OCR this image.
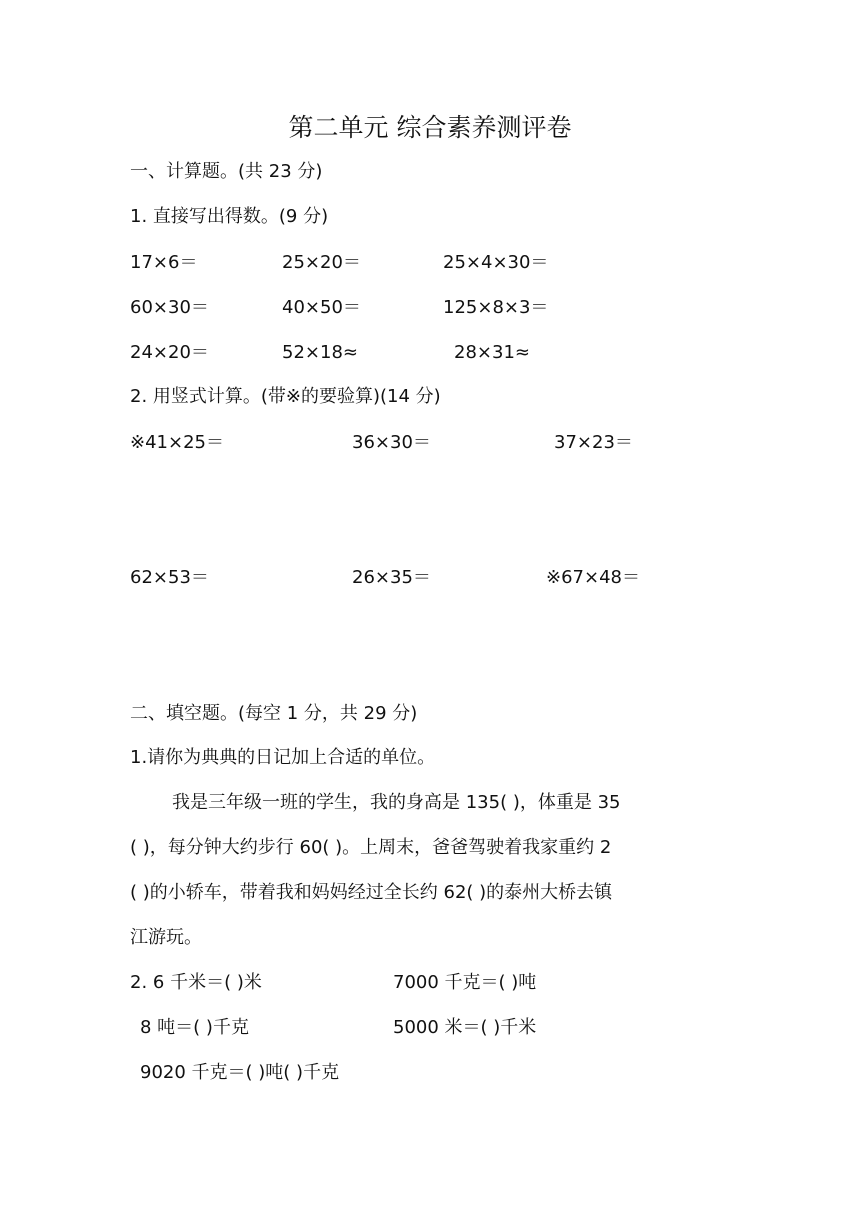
第二单元 综合素养测评卷
一、计算题。(共 23 分)
1. 直接写出得数。(9 分)
17×6＝	25×20＝	25×4×30＝
60×30＝	40×50＝	125×8×3＝
24×20＝	52×18≈	28×31≈
2. 用竖式计算。(带※的要验算)(14 分)
※41×25＝	36×30＝	37×23＝
62×53＝	26×35＝	※67×48＝
二、填空题。(每空 1 分，共 29 分)
1.请你为典典的日记加上合适的单位。
我是三年级一班的学生，我的身高是 135( )，体重是 35
( )，每分钟大约步行 60( )。上周末，爸爸驾驶着我家重约 2
( )的小轿车，带着我和妈妈经过全长约 62( )的泰州大桥去镇
江游玩。
2. 6 千米＝( )米	7000 千克＝( )吨
8 吨＝( )千克	5000 米＝( )千米
9020 千克＝( )吨( )千克
